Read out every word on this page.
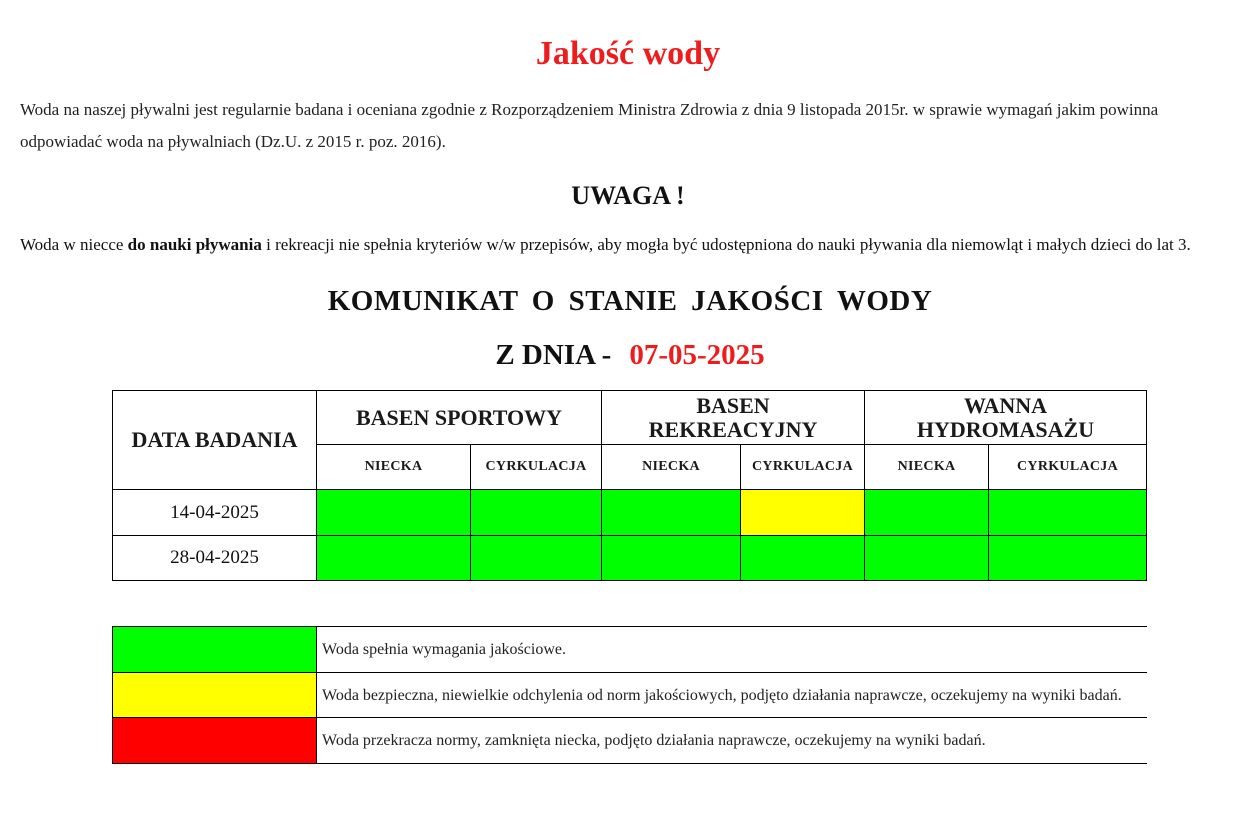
Jakość wody
Woda na naszej pływalni jest regularnie badana i oceniana zgodnie z Rozporządzeniem Ministra Zdrowia z dnia 9 listopada 2015r. w sprawie wymagań jakim powinna odpowiadać woda na pływalniach (Dz.U. z 2015 r. poz. 2016).
UWAGA !
Woda w niecce do nauki pływania i rekreacji nie spełnia kryteriów w/w przepisów, aby mogła być udostępniona do nauki pływania dla niemowląt i małych dzieci do lat 3.
KOMUNIKAT O STANIE JAKOŚCI WODY
Z DNIA - 07-05-2025
DATA BADANIA	BASEN SPORTOWY		BASEN REKREACYJNY		WANNA HYDROMASAŻU	

	NIECKA	CYRKULACJA	NIECKA	CYRKULACJA	NIECKA	CYRKULACJA
14-04-2025						
28-04-2025						
	Woda spełnia wymagania jakościowe.
	Woda bezpieczna, niewielkie odchylenia od norm jakościowych, podjęto działania naprawcze, oczekujemy na wyniki badań.
	Woda przekracza normy, zamknięta niecka, podjęto działania naprawcze, oczekujemy na wyniki badań.
